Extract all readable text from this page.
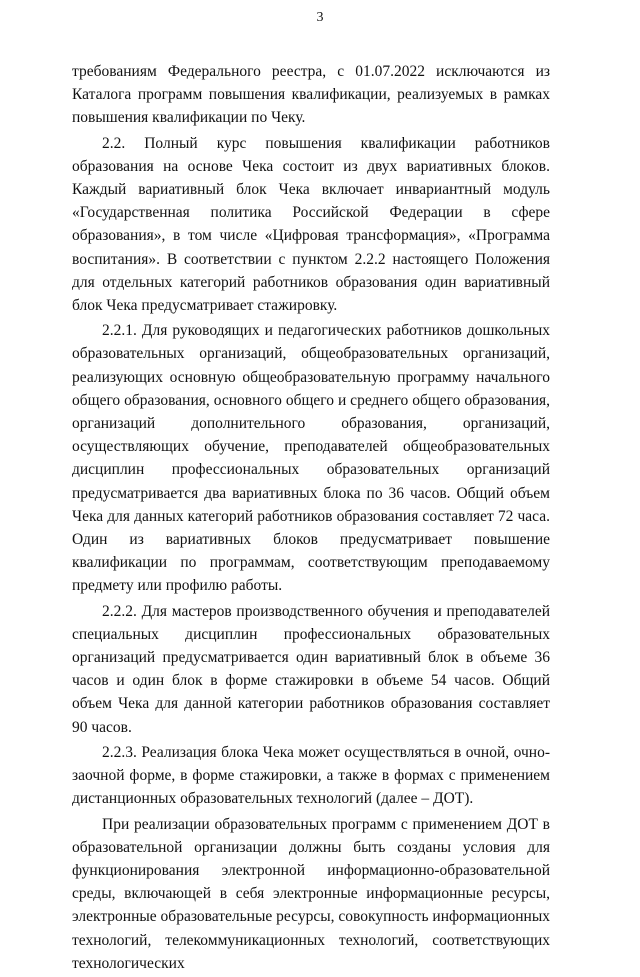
3

требованиям Федерального реестра, с 01.07.2022 исключаются из Каталога программ повышения квалификации, реализуемых в рамках повышения квалификации по Чеку.

2.2. Полный курс повышения квалификации работников образования на основе Чека состоит из двух вариативных блоков. Каждый вариативный блок Чека включает инвариантный модуль «Государственная политика Российской Федерации в сфере образования», в том числе «Цифровая трансформация», «Программа воспитания». В соответствии с пунктом 2.2.2 настоящего Положения для отдельных категорий работников образования один вариативный блок Чека предусматривает стажировку.

2.2.1. Для руководящих и педагогических работников дошкольных образовательных организаций, общеобразовательных организаций, реализующих основную общеобразовательную программу начального общего образования, основного общего и среднего общего образования, организаций дополнительного образования, организаций, осуществляющих обучение, преподавателей общеобразовательных дисциплин профессиональных образовательных организаций предусматривается два вариативных блока по 36 часов. Общий объем Чека для данных категорий работников образования составляет 72 часа. Один из вариативных блоков предусматривает повышение квалификации по программам, соответствующим преподаваемому предмету или профилю работы.

2.2.2. Для мастеров производственного обучения и преподавателей специальных дисциплин профессиональных образовательных организаций предусматривается один вариативный блок в объеме 36 часов и один блок в форме стажировки в объеме 54 часов. Общий объем Чека для данной категории работников образования составляет 90 часов.

2.2.3. Реализация блока Чека может осуществляться в очной, очно-заочной форме, в форме стажировки, а также в формах с применением дистанционных образовательных технологий (далее – ДОТ).

При реализации образовательных программ с применением ДОТ в образовательной организации должны быть созданы условия для функционирования электронной информационно-образовательной среды, включающей в себя электронные информационные ресурсы, электронные образовательные ресурсы, совокупность информационных технологий, телекоммуникационных технологий, соответствующих технологических
